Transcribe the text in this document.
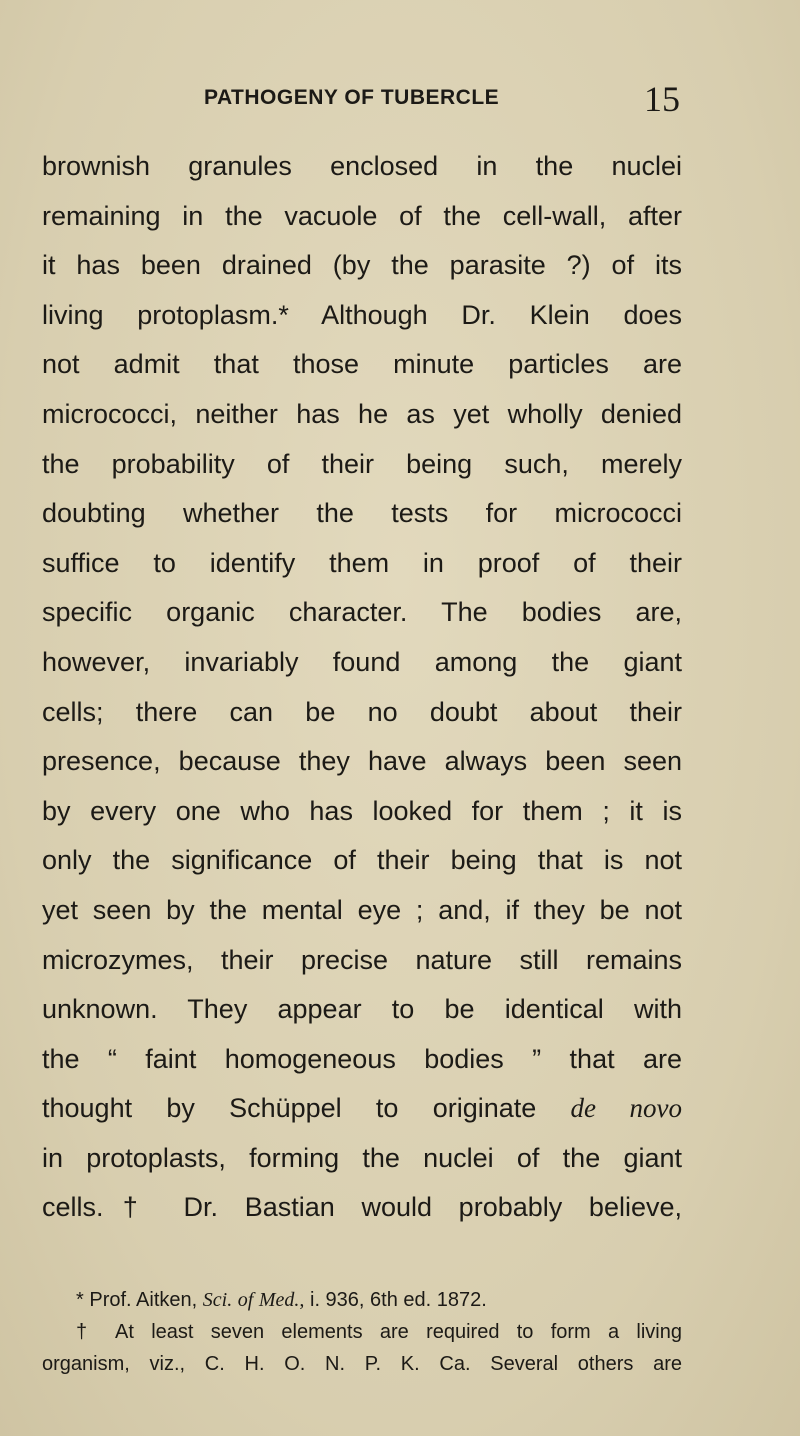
PATHOGENY OF TUBERCLE	15
brownish granules enclosed in the nuclei
remaining in the vacuole of the cell-wall, after
it has been drained (by the parasite ?) of its
living protoplasm.* Although Dr. Klein does
not admit that those minute particles are
micrococci, neither has he as yet wholly denied
the probability of their being such, merely
doubting whether the tests for micrococci
suffice to identify them in proof of their
specific organic character. The bodies are,
however, invariably found among the giant
cells; there can be no doubt about their
presence, because they have always been seen
by every one who has looked for them ; it is
only the significance of their being that is not
yet seen by the mental eye ; and, if they be not
microzymes, their precise nature still remains
unknown. They appear to be identical with
the “ faint homogeneous bodies ” that are
thought by Schüppel to originate de novo
in protoplasts, forming the nuclei of the giant
cells.† Dr. Bastian would probably believe,
* Prof. Aitken, Sci. of Med., i. 936, 6th ed. 1872.
† At least seven elements are required to form a living
organism, viz., C. H. O. N. P. K. Ca. Several others are
